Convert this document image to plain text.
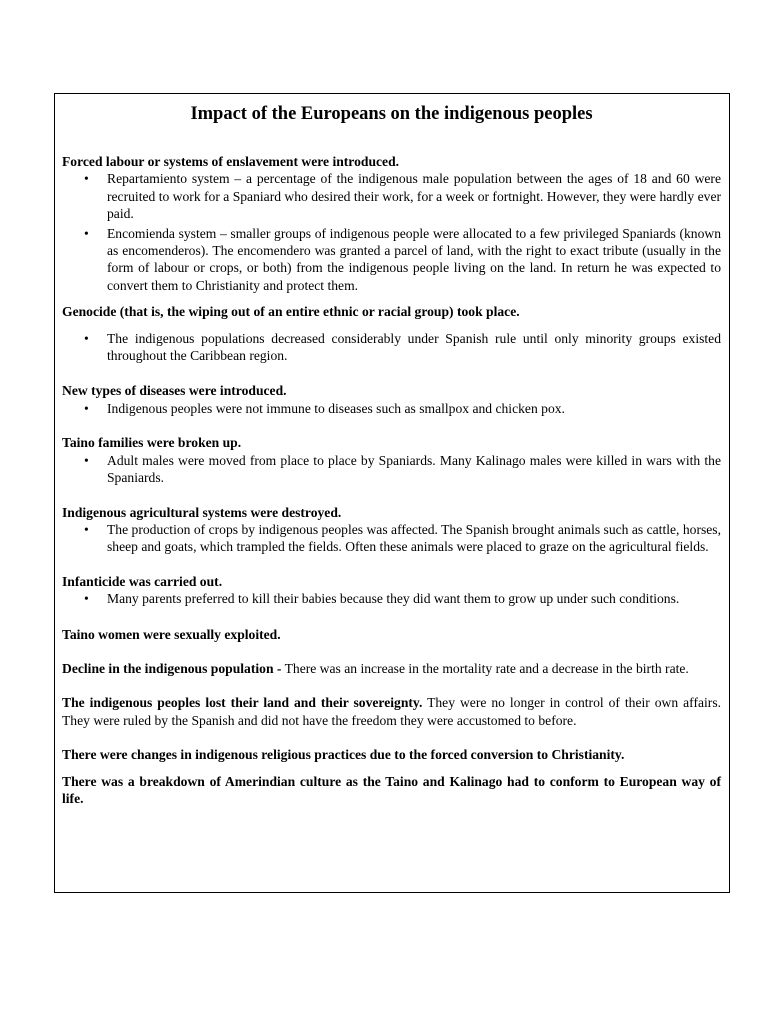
Impact of the Europeans on the indigenous peoples

Forced labour or systems of enslavement were introduced.

• Repartamiento system – a percentage of the indigenous male population between the ages of 18 and 60 were recruited to work for a Spaniard who desired their work, for a week or fortnight. However, they were hardly ever paid.
• Encomienda system – smaller groups of indigenous people were allocated to a few privileged Spaniards (known as encomenderos). The encomendero was granted a parcel of land, with the right to exact tribute (usually in the form of labour or crops, or both) from the indigenous people living on the land. In return he was expected to convert them to Christianity and protect them.

Genocide (that is, the wiping out of an entire ethnic or racial group) took place.

• The indigenous populations decreased considerably under Spanish rule until only minority groups existed throughout the Caribbean region.

New types of diseases were introduced.

• Indigenous peoples were not immune to diseases such as smallpox and chicken pox.

Taino families were broken up.

• Adult males were moved from place to place by Spaniards. Many Kalinago males were killed in wars with the Spaniards.

Indigenous agricultural systems were destroyed.

• The production of crops by indigenous peoples was affected. The Spanish brought animals such as cattle, horses, sheep and goats, which trampled the fields. Often these animals were placed to graze on the agricultural fields.

Infanticide was carried out.

• Many parents preferred to kill their babies because they did want them to grow up under such conditions.

Taino women were sexually exploited.

Decline in the indigenous population - There was an increase in the mortality rate and a decrease in the birth rate.

The indigenous peoples lost their land and their sovereignty. They were no longer in control of their own affairs. They were ruled by the Spanish and did not have the freedom they were accustomed to before.

There were changes in indigenous religious practices due to the forced conversion to Christianity.

There was a breakdown of Amerindian culture as the Taino and Kalinago had to conform to European way of life.
